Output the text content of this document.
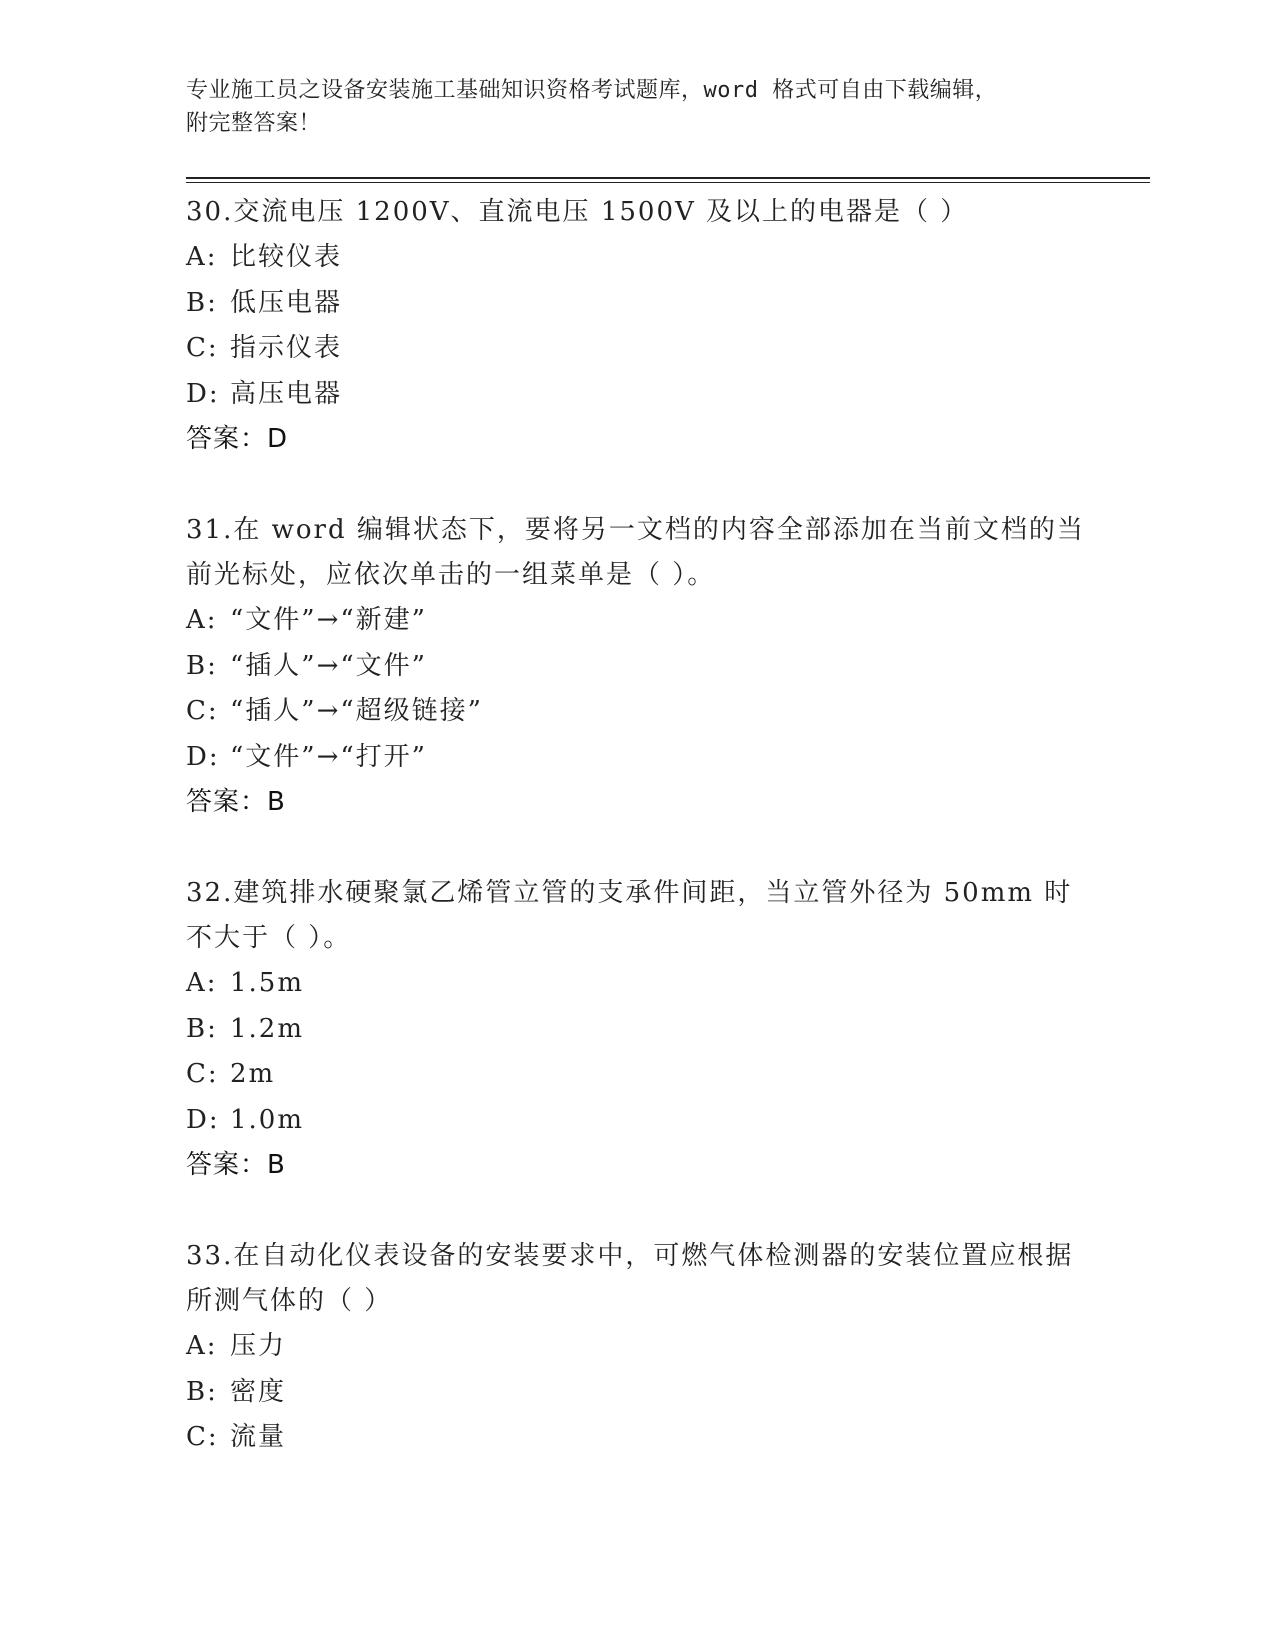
专业施工员之设备安装施工基础知识资格考试题库，word 格式可自由下载编辑，
附完整答案！

30.交流电压 1200V、直流电压 1500V 及以上的电器是（ ）

A: 比较仪表
B: 低压电器
C: 指示仪表
D: 高压电器
答案：D

31.在 word 编辑状态下，要将另一文档的内容全部添加在当前文档的当前光标处，应依次单击的一组菜单是（ ）。

A: “文件”→“新建”
B: “插人”→“文件”
C: “插人”→“超级链接”
D: “文件”→“打开”
答案：B

32.建筑排水硬聚氯乙烯管立管的支承件间距，当立管外径为 50mm 时不大于（ ）。

A: 1.5m
B: 1.2m
C: 2m
D: 1.0m
答案：B

33.在自动化仪表设备的安装要求中，可燃气体检测器的安装位置应根据所测气体的（ ）

A: 压力
B: 密度
C: 流量
